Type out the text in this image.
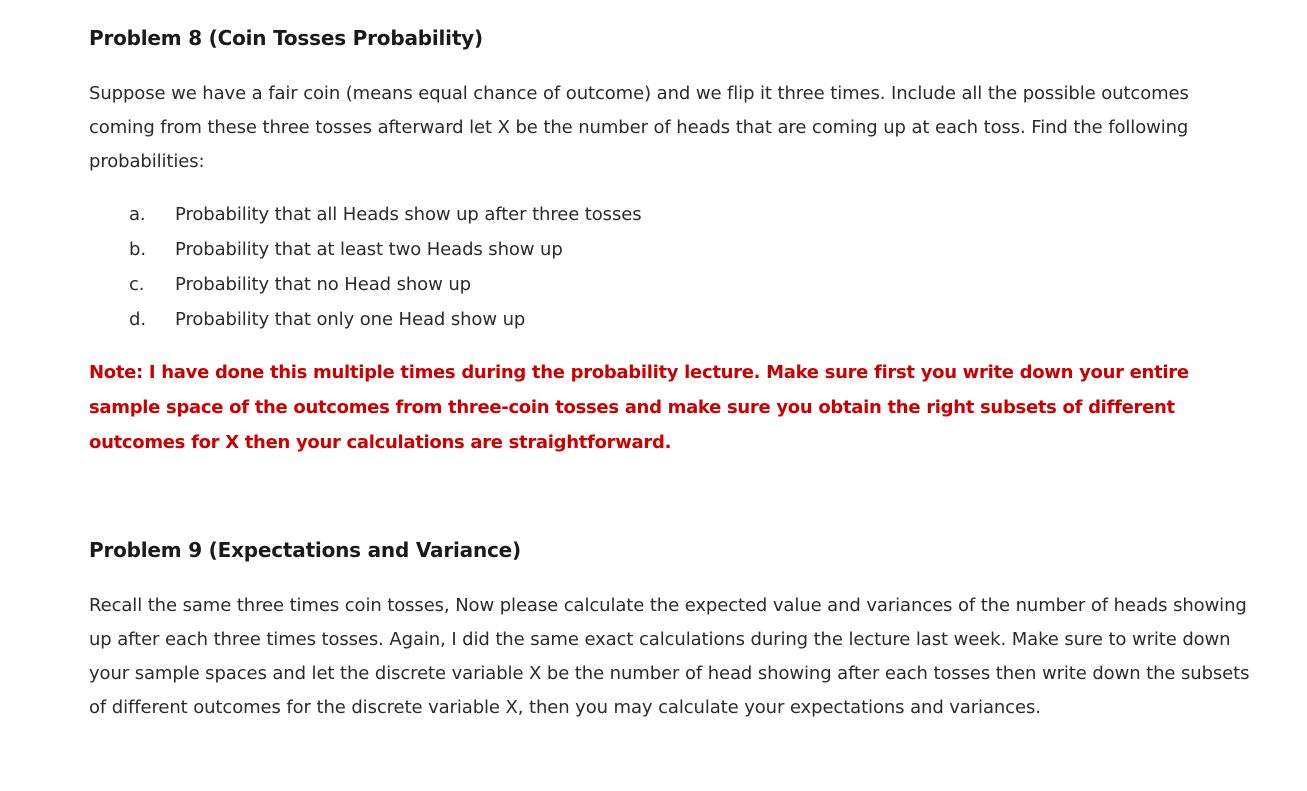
Problem 8 (Coin Tosses Probability)

Suppose we have a fair coin (means equal chance of outcome) and we flip it three times. Include all the possible outcomes coming from these three tosses afterward let X be the number of heads that are coming up at each toss. Find the following probabilities:

a.	Probability that all Heads show up after three tosses
b.	Probability that at least two Heads show up
c.	Probability that no Head show up
d.	Probability that only one Head show up

Note: I have done this multiple times during the probability lecture. Make sure first you write down your entire sample space of the outcomes from three-coin tosses and make sure you obtain the right subsets of different outcomes for X then your calculations are straightforward.

Problem 9 (Expectations and Variance)

Recall the same three times coin tosses, Now please calculate the expected value and variances of the number of heads showing up after each three times tosses. Again, I did the same exact calculations during the lecture last week. Make sure to write down your sample spaces and let the discrete variable X be the number of head showing after each tosses then write down the subsets of different outcomes for the discrete variable X, then you may calculate your expectations and variances.
